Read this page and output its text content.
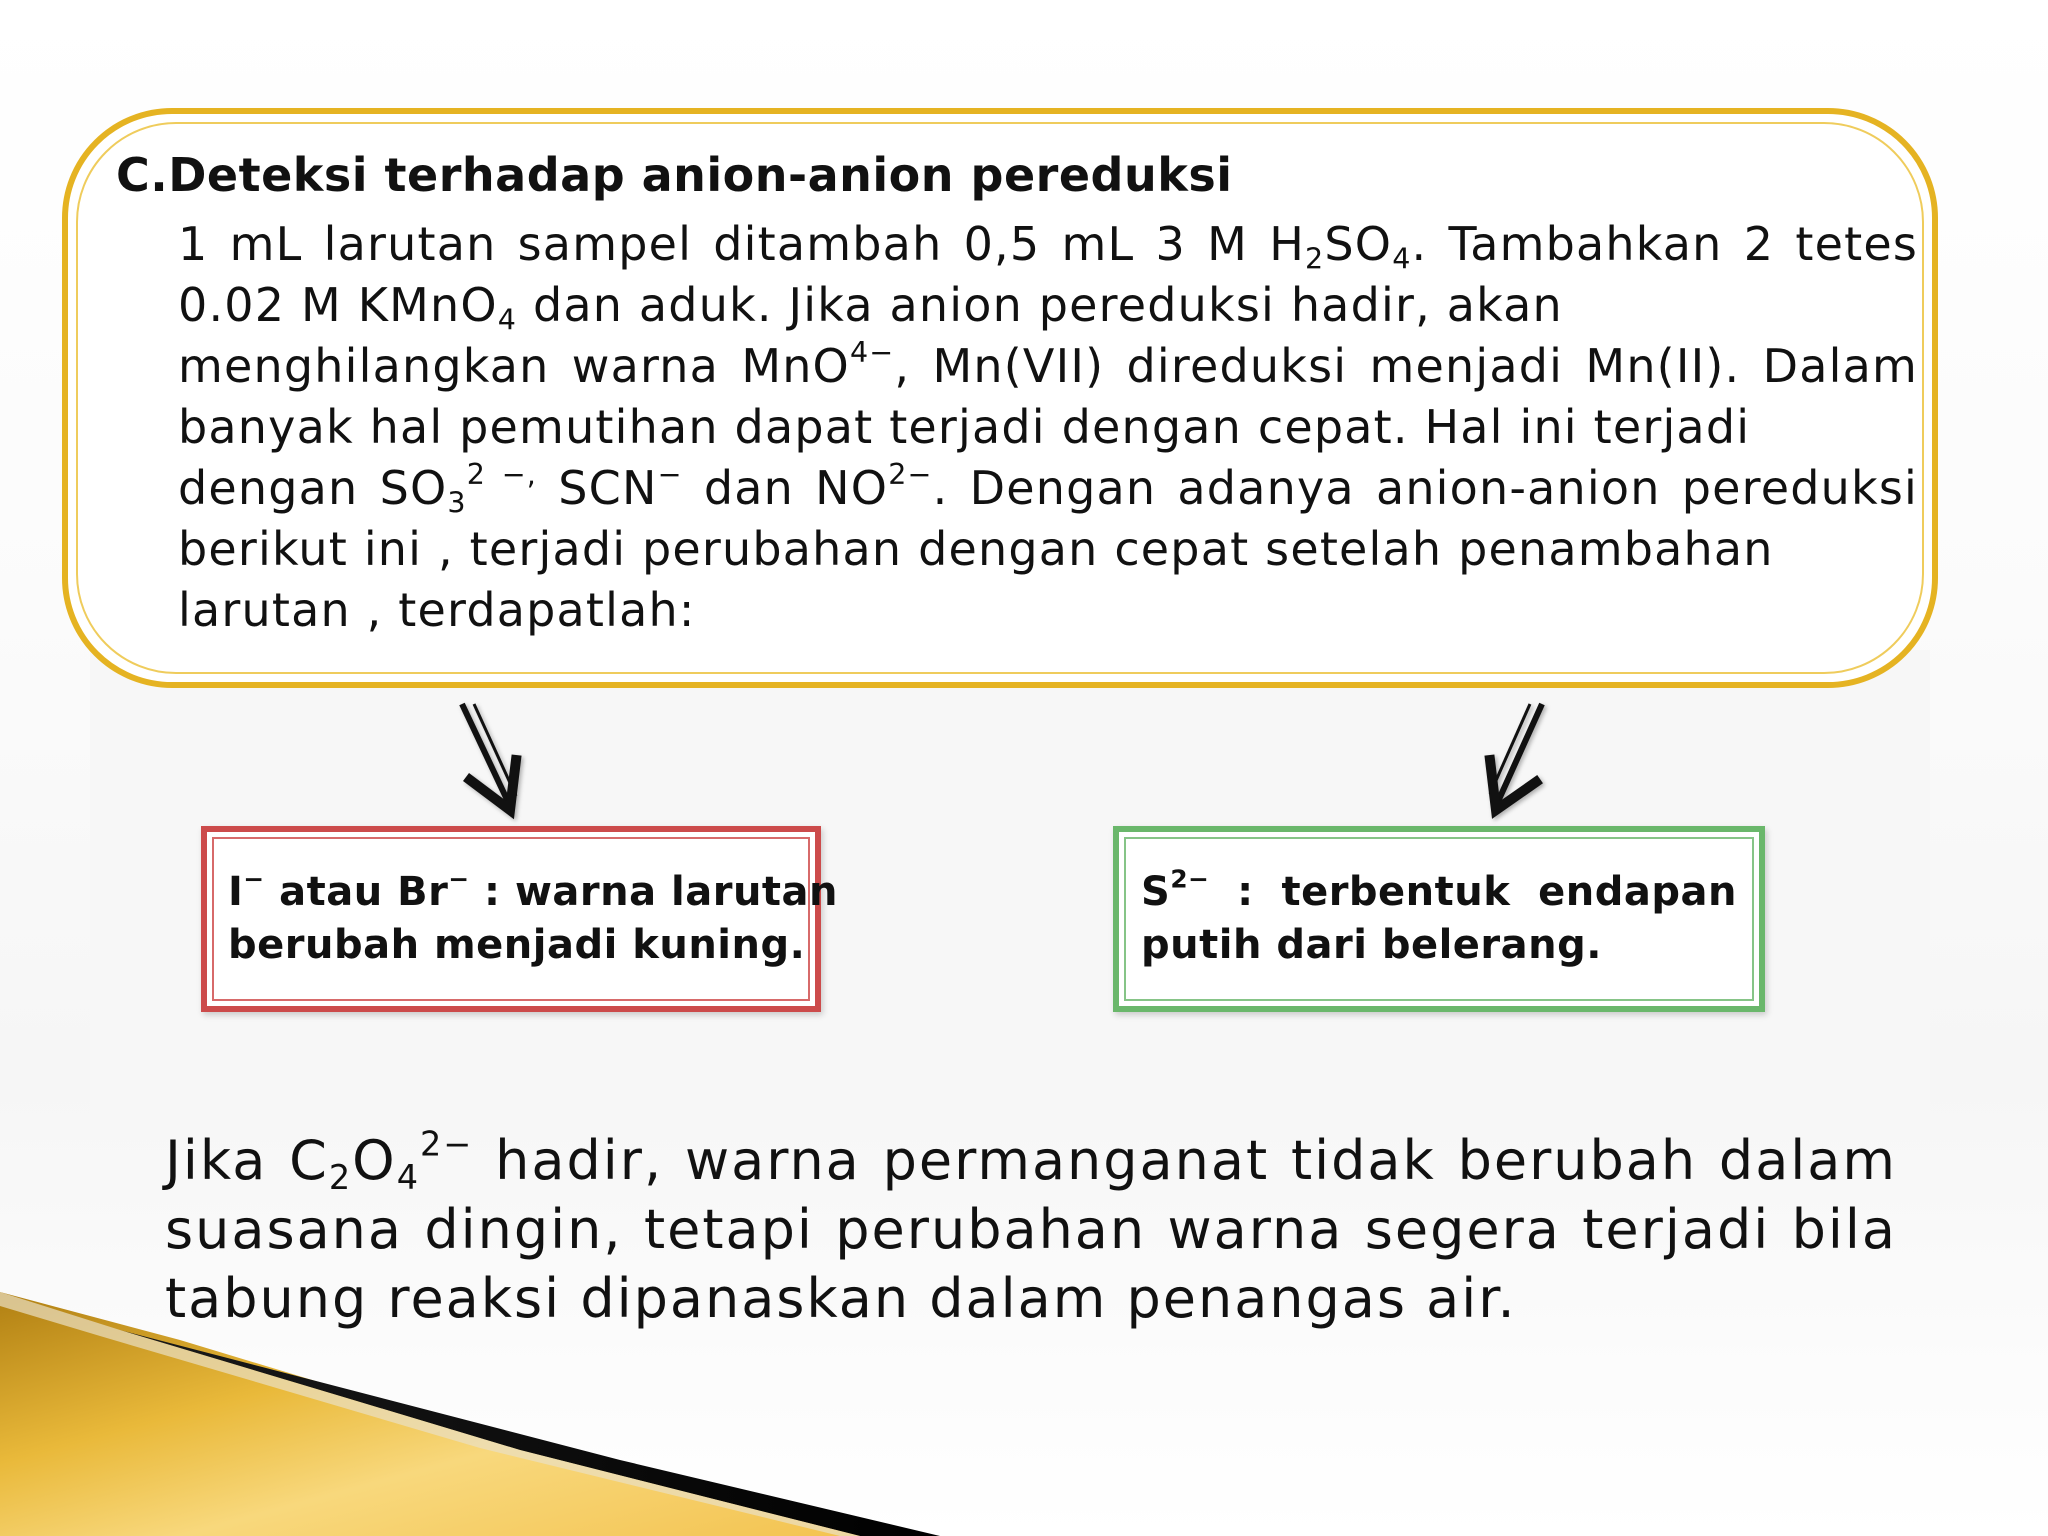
C.Deteksi terhadap anion-anion pereduksi
1 mL larutan sampel ditambah 0,5 mL 3 M $H_2SO_4$. Tambahkan 2 tetes
0.02 M KMnO$_4$ dan aduk. Jika anion pereduksi hadir, akan
menghilangkan warna MnO$^{4-}$, Mn(VII) direduksi menjadi Mn(II). Dalam
banyak hal pemutihan dapat terjadi dengan cepat. Hal ini terjadi
dengan $SO_3^{2 -,}$ SCN− dan $NO^{2-}$. Dengan adanya anion-anion pereduksi
berikut ini , terjadi perubahan dengan cepat setelah penambahan
larutan , terdapatlah:
I− atau Br− : warna larutan
berubah menjadi kuning.
$S^{2-}$ : terbentuk endapan
putih dari belerang.
Jika $C_2O_4^{2-}$ hadir, warna permanganat tidak berubah dalam
suasana dingin, tetapi perubahan warna segera terjadi bila
tabung reaksi dipanaskan dalam penangas air.
